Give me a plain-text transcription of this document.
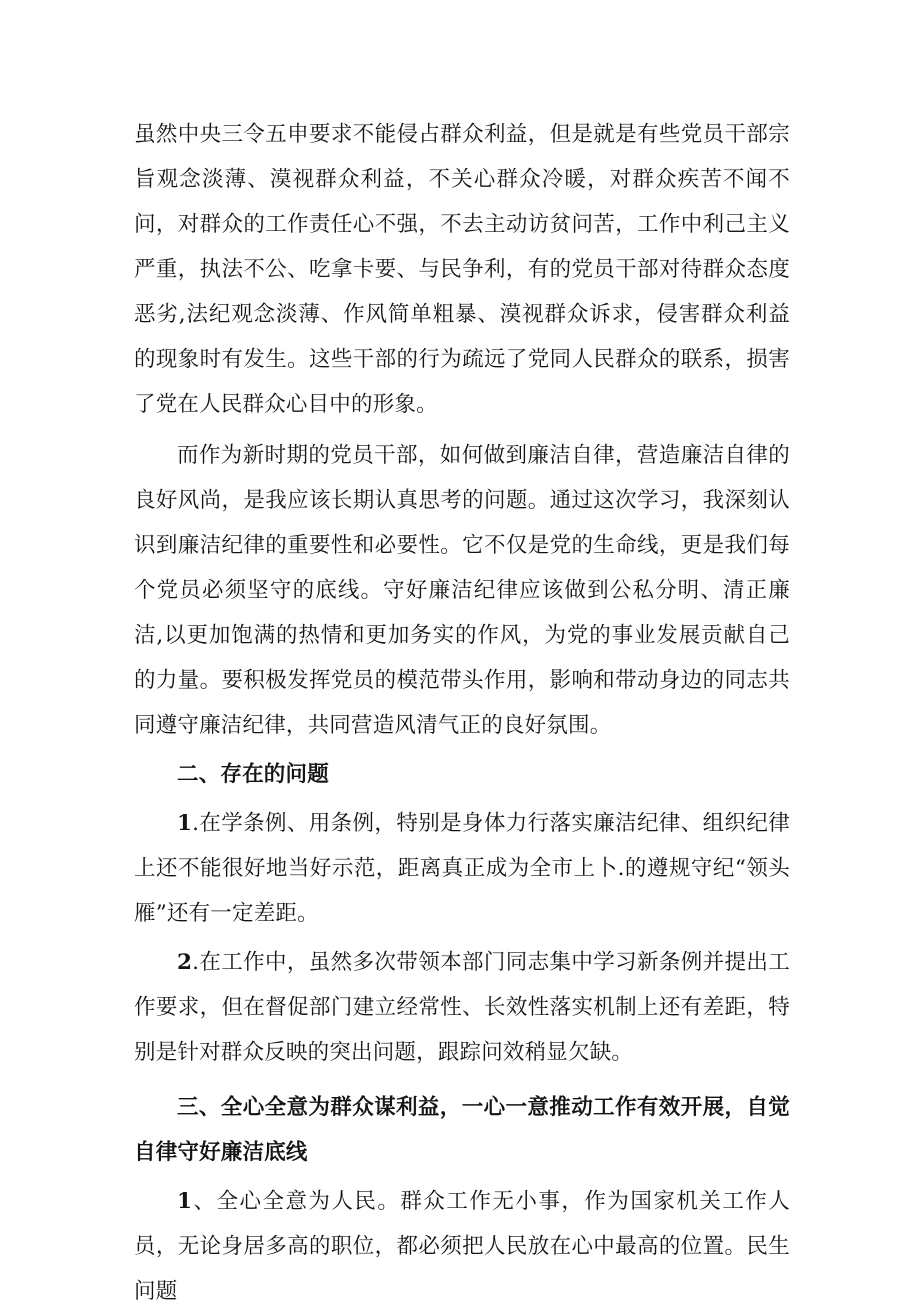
虽然中央三令五申要求不能侵占群众利益，但是就是有些党员干部宗旨观念淡薄、漠视群众利益，不关心群众冷暖，对群众疾苦不闻不问，对群众的工作责任心不强，不去主动访贫问苦，工作中利己主义严重，执法不公、吃拿卡要、与民争利，有的党员干部对待群众态度恶劣,法纪观念淡薄、作风简单粗暴、漠视群众诉求，侵害群众利益的现象时有发生。这些干部的行为疏远了党同人民群众的联系，损害了党在人民群众心目中的形象。

而作为新时期的党员干部，如何做到廉洁自律，营造廉洁自律的良好风尚，是我应该长期认真思考的问题。通过这次学习，我深刻认识到廉洁纪律的重要性和必要性。它不仅是党的生命线，更是我们每个党员必须坚守的底线。守好廉洁纪律应该做到公私分明、清正廉洁,以更加饱满的热情和更加务实的作风，为党的事业发展贡献自己的力量。要积极发挥党员的模范带头作用，影响和带动身边的同志共同遵守廉洁纪律，共同营造风清气正的良好氛围。

二、存在的问题

1.在学条例、用条例，特别是身体力行落实廉洁纪律、组织纪律上还不能很好地当好示范，距离真正成为全市上卜.的遵规守纪“领头雁”还有一定差距。

2.在工作中，虽然多次带领本部门同志集中学习新条例并提出工作要求，但在督促部门建立经常性、长效性落实机制上还有差距，特别是针对群众反映的突出问题，跟踪问效稍显欠缺。

三、全心全意为群众谋利益，一心一意推动工作有效开展，自觉自律守好廉洁底线

1、全心全意为人民。群众工作无小事，作为国家机关工作人员，无论身居多高的职位，都必须把人民放在心中最高的位置。民生问题
